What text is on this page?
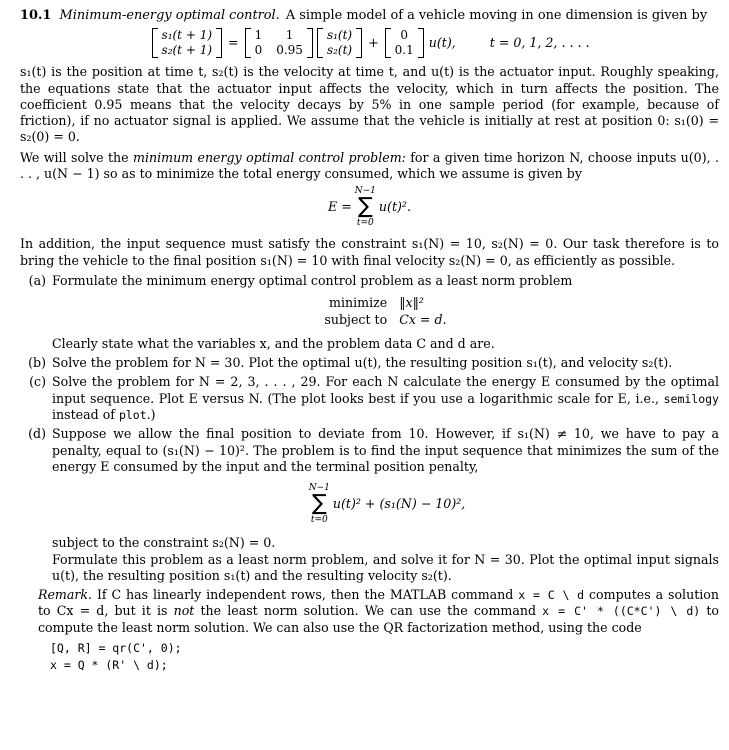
10.1 Minimum-energy optimal control. A simple model of a vehicle moving in one dimension is given by
s₁(t + 1)
s₂(t + 1)
= 1	1
0 0.95
s₁(t)
s₂(t)
+	0
0.1
u(t),	t = 0, 1, 2, . . . .
s₁(t) is the position at time t, s₂(t) is the velocity at time t, and u(t) is the actuator input. Roughly speaking, the equations state that the actuator input affects the velocity, which in turn affects the position. The coefficient 0.95 means that the velocity decays by 5% in one sample period (for example, because of friction), if no actuator signal is applied. We assume that the vehicle is initially at rest at position 0: s₁(0) = s₂(0) = 0.
We will solve the minimum energy optimal control problem: for a given time horizon N, choose inputs u(0), . . . , u(N − 1) so as to minimize the total energy consumed, which we assume is given by
E =
N−1
∑
t=0
u(t)².
In addition, the input sequence must satisfy the constraint s₁(N) = 10, s₂(N) = 0. Our task therefore is to bring the vehicle to the final position s₁(N) = 10 with final velocity s₂(N) = 0, as efficiently as possible.
(a) Formulate the minimum energy optimal control problem as a least norm problem
minimize ‖x‖²
subject to Cx = d.
Clearly state what the variables x, and the problem data C and d are.
(b) Solve the problem for N = 30. Plot the optimal u(t), the resulting position s₁(t), and velocity s₂(t).
(c) Solve the problem for N = 2, 3, . . . , 29. For each N calculate the energy E consumed by the optimal input sequence. Plot E versus N. (The plot looks best if you use a logarithmic scale for E, i.e., semilogy instead of plot.)
(d) Suppose we allow the final position to deviate from 10. However, if s₁(N) ≠ 10, we have to pay a penalty, equal to (s₁(N) − 10)². The problem is to find the input sequence that minimizes the sum of the energy E consumed by the input and the terminal position penalty,
N−1
∑
t=0
u(t)² + (s₁(N) − 10)²,
subject to the constraint s₂(N) = 0.
Formulate this problem as a least norm problem, and solve it for N = 30. Plot the optimal input signals u(t), the resulting position s₁(t) and the resulting velocity s₂(t).
Remark. If C has linearly independent rows, then the MATLAB command x = C \ d computes a solution to Cx = d, but it is not the least norm solution. We can use the command x = C' * ((C*C') \ d) to compute the least norm solution. We can also use the QR factorization method, using the code
[Q, R] = qr(C', 0);
x = Q * (R' \ d);
